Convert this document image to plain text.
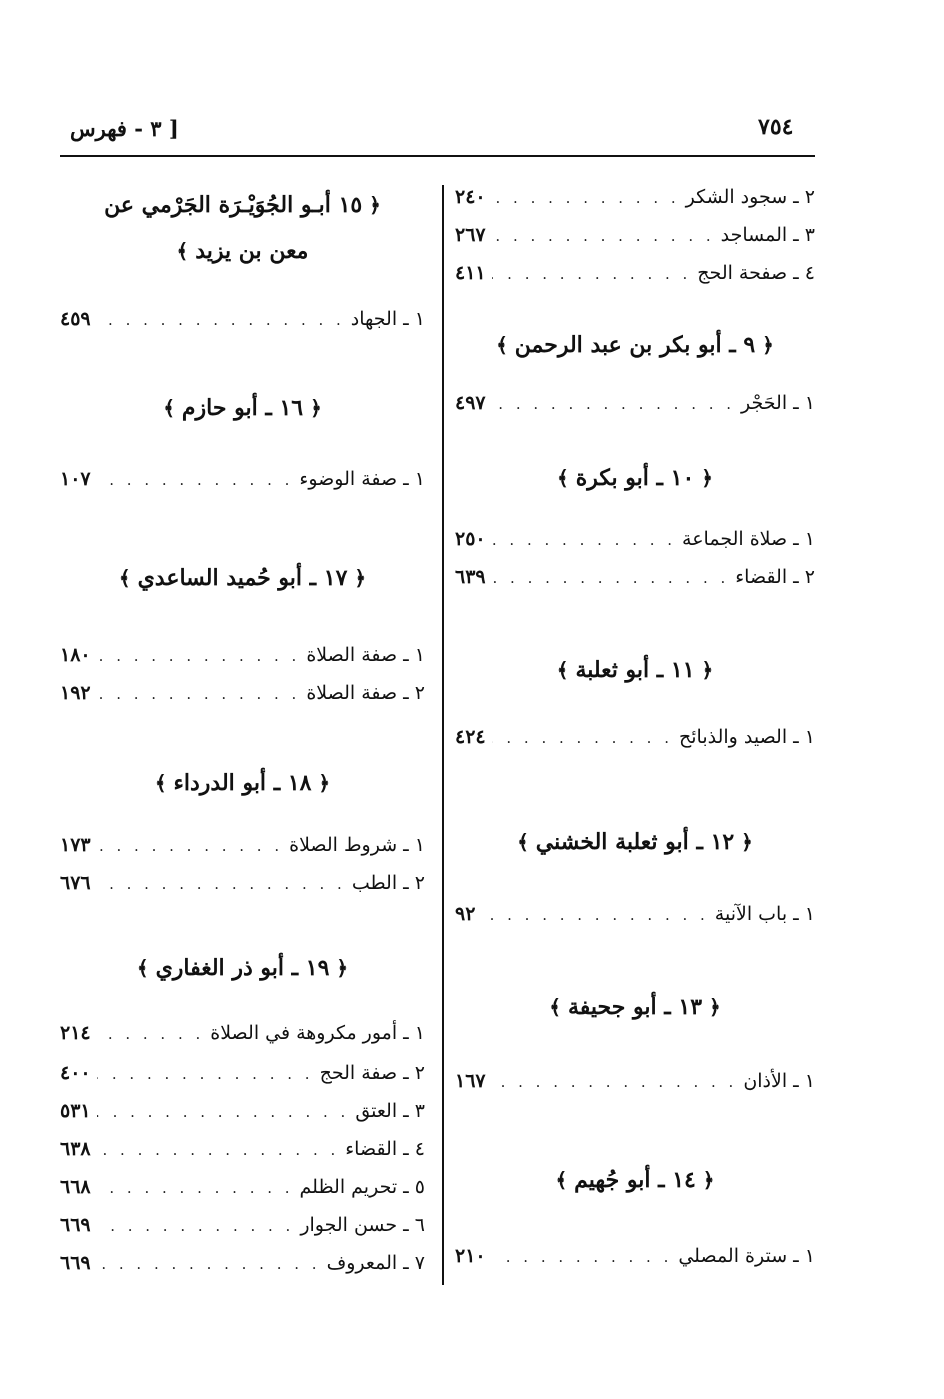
٧٥٤
[ ٣ - فهرس
٢ ـ سجود الشكر
. . .
٢٤٠
٣ ـ المساجد
. . .
٢٦٧
٤ ـ صفحة الحج
. . .
٤١١
﴿ ٩ ـ أبو بكر بن عبد الرحمن ﴾
١ ـ الحَجْر
. . .
٤٩٧
﴿ ١٠ ـ أبو بكرة ﴾
١ ـ صلاة الجماعة
. . .
٢٥٠
٢ ـ القضاء
. . .
٦٣٩
﴿ ١١ ـ أبو ثعلبة ﴾
١ ـ الصيد والذبائح
. . .
٤٢٤
﴿ ١٢ ـ أبو ثعلبة الخشني ﴾
١ ـ باب الآنية
. . .
٩٢
﴿ ١٣ ـ أبو جحيفة ﴾
١ ـ الأذان
. . .
١٦٧
﴿ ١٤ ـ أبو جُهيم ﴾
١ ـ سترة المصلي
. . .
٢١٠
﴿ ١٥ أبـو الجُوَيْـرَة الجَرْمي عن
معن بن يزيد ﴾
١ ـ الجهاد
. . .
٤٥٩
﴿ ١٦ ـ أبو حازم ﴾
١ ـ صفة الوضوء
. . .
١٠٧
﴿ ١٧ ـ أبو حُميد الساعدي ﴾
١ ـ صفة الصلاة
. . .
١٨٠
٢ ـ صفة الصلاة
. . .
١٩٢
﴿ ١٨ ـ أبو الدرداء ﴾
١ ـ شروط الصلاة
. . .
١٧٣
٢ ـ الطب
. . .
٦٧٦
﴿ ١٩ ـ أبو ذر الغفاري ﴾
١ ـ أمور مكروهة في الصلاة
. . .
٢١٤
٢ ـ صفة الحج
. . .
٤٠٠
٣ ـ العتق
. . .
٥٣١
٤ ـ القضاء
. . .
٦٣٨
٥ ـ تحريم الظلم
. . .
٦٦٨
٦ ـ حسن الجوار
. . .
٦٦٩
٧ ـ المعروف
. . .
٦٦٩
